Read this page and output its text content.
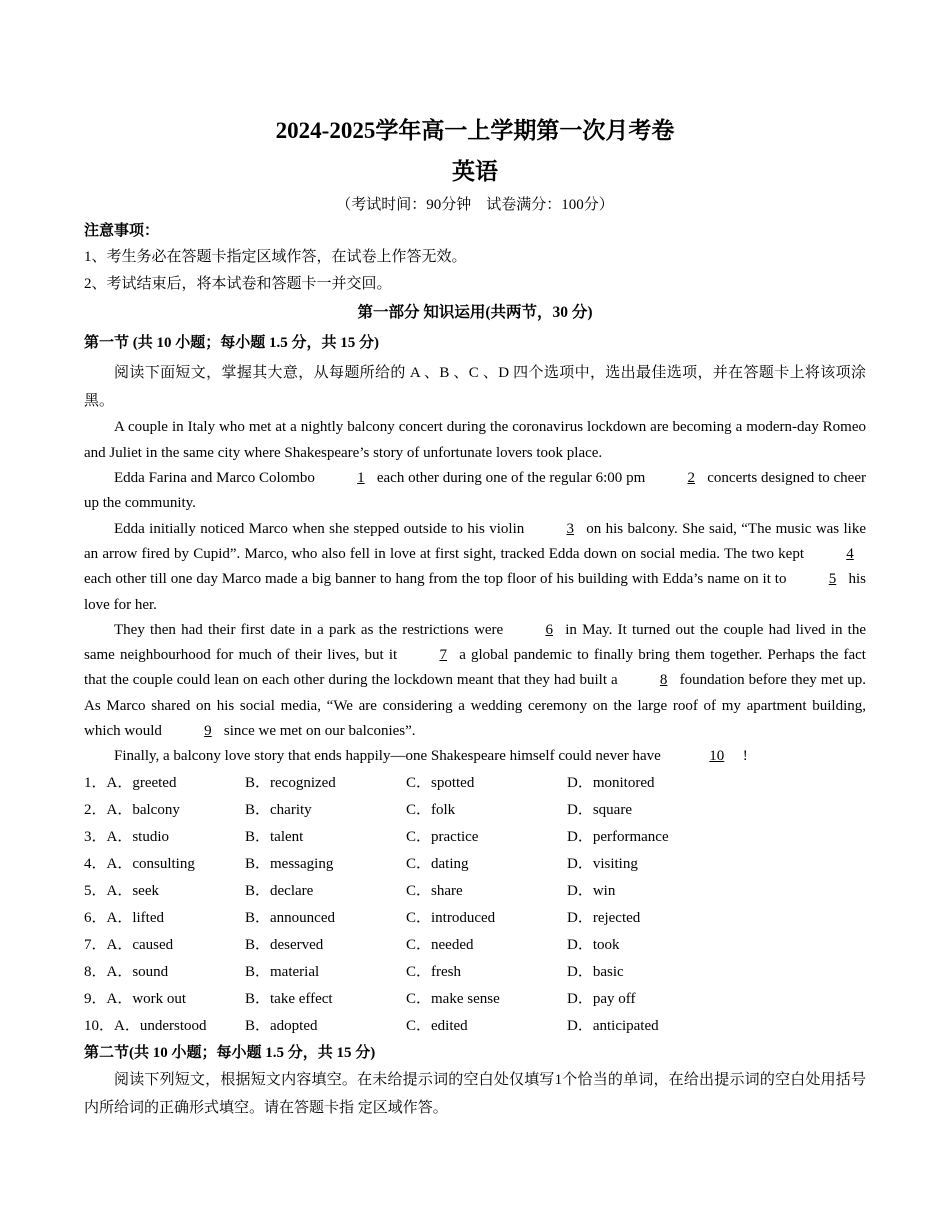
2024-2025学年高一上学期第一次月考卷
英语
（考试时间：90分钟　试卷满分：100分）

注意事项：

1、考生务必在答题卡指定区域作答，在试卷上作答无效。

2、考试结束后，将本试卷和答题卡一并交回。

第一部分 知识运用(共两节，30 分)

第一节 (共 10 小题；每小题 1.5 分，共 15 分)

阅读下面短文，掌握其大意，从每题所给的 A 、B 、C 、D 四个选项中，选出最佳选项，并在答题卡上将该项涂黑。

A couple in Italy who met at a nightly balcony concert during the coronavirus lockdown are becoming a modern-day Romeo and Juliet in the same city where Shakespeare’s story of unfortunate lovers took place.

Edda Farina and Marco Colombo	1 each other during one of the regular 6:00 pm	2 concerts designed to cheer up the community.

Edda initially noticed Marco when she stepped outside to his violin	3 on his balcony. She said, “The music was like an arrow fired by Cupid”. Marco, who also fell in love at first sight, tracked Edda down on social media. The two kept	4each other till one day Marco made a big banner to hang from the top floor of his building with Edda’s name on it to	5 his love for her.

They then had their first date in a park as the restrictions were	6 in May. It turned out the couple had lived in the same neighbourhood for much of their lives, but it	7 a global pandemic to finally bring them together. Perhaps the fact that the couple could lean on each other during the lockdown meant that they had built a	8 foundation before they met up. As Marco shared on his social media, “We are considering a wedding ceremony on the large roof of my apartment building, which would	9 since we met on our balconies”.

Finally, a balcony love story that ends happily—one Shakespeare himself could never have	10 !

1．A．greeted	B．recognized	C．spotted	D．monitored
2．A．balcony	B．charity	C．folk	D．square
3．A．studio	B．talent	C．practice	D．performance
4．A．consulting	B．messaging	C．dating	D．visiting
5．A．seek	B．declare	C．share	D．win
6．A．lifted	B．announced	C．introduced	D．rejected
7．A．caused	B．deserved	C．needed	D．took
8．A．sound	B．material	C．fresh	D．basic
9．A．work out	B．take effect	C．make sense	D．pay off
10．A．understood	B．adopted	C．edited	D．anticipated

第二节(共 10 小题；每小题 1.5 分，共 15 分)

阅读下列短文，根据短文内容填空。在未给提示词的空白处仅填写1个恰当的单词，在给出提示词的空白处用括号内所给词的正确形式填空。请在答题卡指 定区域作答。
